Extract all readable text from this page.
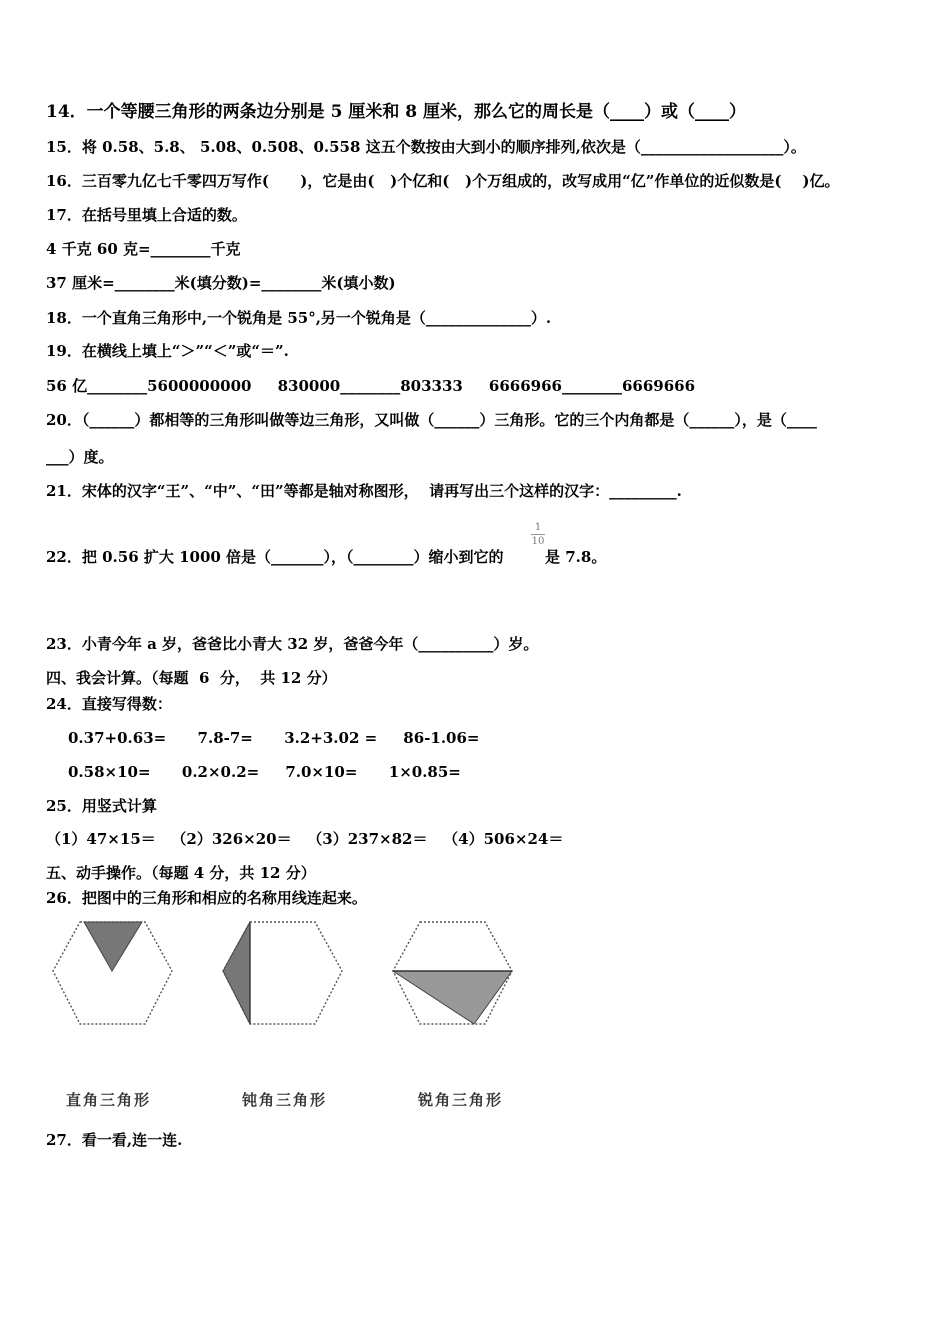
14．一个等腰三角形的两条边分别是 5 厘米和 8 厘米，那么它的周长是（____）或（____）
15．将 0.58、5.8、 5.08、0.508、0.558 这五个数按由大到小的顺序排列,依次是（___________________）。
16．三百零九亿七千零四万写作(      )，它是由(   )个亿和(   )个万组成的，改写成用“亿”作单位的近似数是(    )亿。
17．在括号里填上合适的数。
4 千克 60 克=________千克
37 厘米=________米(填分数)=________米(填小数)
18．一个直角三角形中,一个锐角是 55°,另一个锐角是（______________）.
19．在横线上填上“＞”“＜”或“＝”.
56 亿________5600000000     830000________803333     6666966________6669666
20．（______）都相等的三角形叫做等边三角形，又叫做（______）三角形。它的三个内角都是（______），是（____
___）度。
21．宋体的汉字“王”、“中”、“田”等都是轴对称图形，  请再写出三个这样的汉字：_________.
22．把 0.56 扩大 1000 倍是（_______），（________）缩小到它的
1
10
是 7.8。
23．小青今年 a 岁，爸爸比小青大 32 岁，爸爸今年（__________）岁。
四、我会计算。（每题  6  分，  共 12 分）
24．直接写得数：
0.37+0.63=      7.8-7=      3.2+3.02 =     86-1.06=
0.58×10=      0.2×0.2=     7.0×10=      1×0.85=
25．用竖式计算
（1）47×15＝   （2）326×20＝   （3）237×82＝   （4）506×24＝
五、动手操作。（每题 4 分，共 12 分）
26．把图中的三角形和相应的名称用线连起来。
直角三角形	钝角三角形	锐角三角形
27．看一看,连一连.
